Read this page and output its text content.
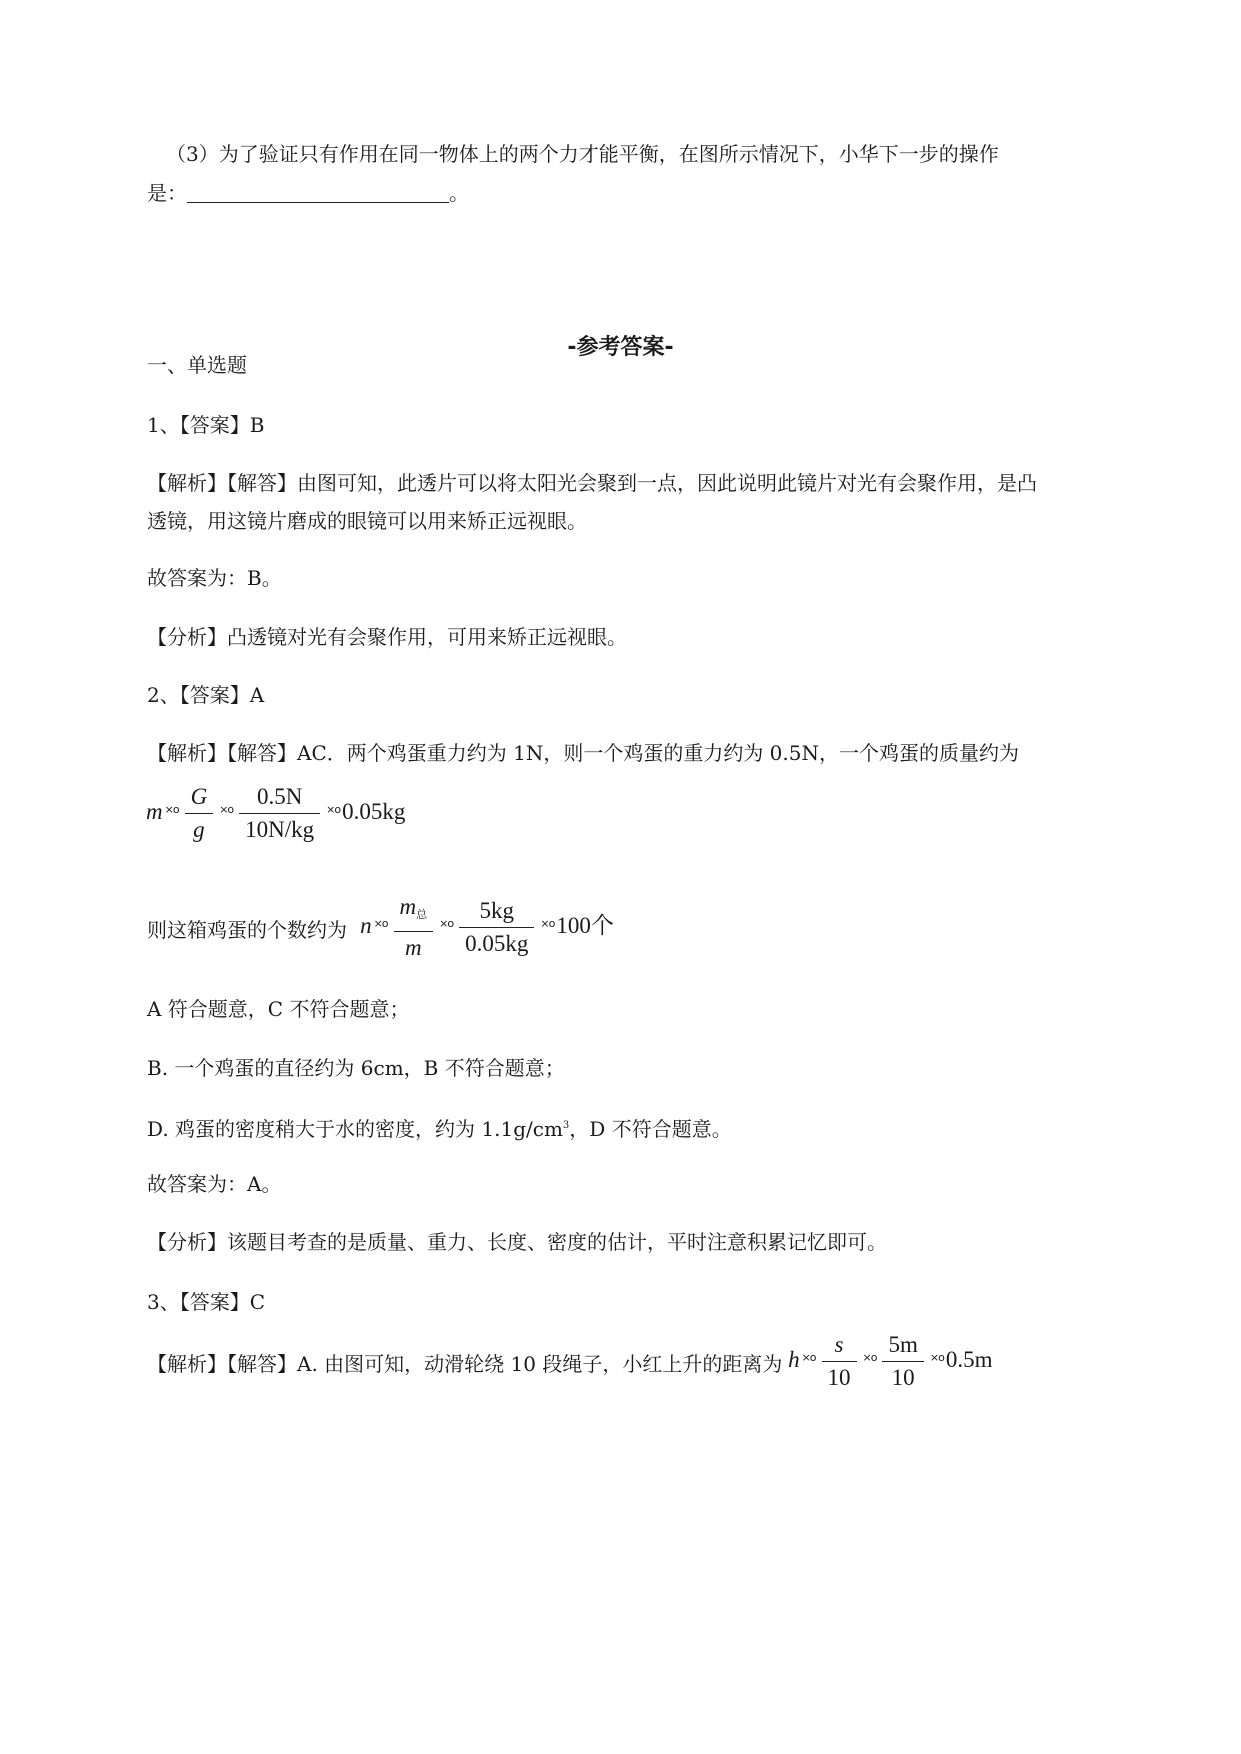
（3）为了验证只有作用在同一物体上的两个力才能平衡，在图所示情况下，小华下一步的操作
是：	。
-参考答案-
一、单选题
1、【答案】B
【解析】【解答】由图可知，此透片可以将太阳光会聚到一点，因此说明此镜片对光有会聚作用，是凸
透镜，用这镜片磨成的眼镜可以用来矫正远视眼。
故答案为：B。
【分析】凸透镜对光有会聚作用，可用来矫正远视眼。
2、【答案】A
【解析】【解答】AC．两个鸡蛋重力约为 1N，则一个鸡蛋的重力约为 0.5N，一个鸡蛋的质量约为
m $^{\times o} \frac{G}{g} ^{\times o} \frac{0.5N}{10N/kg} ^{\times o}0.05kg$
则这箱鸡蛋的个数约为 n $^{\times o} \frac{m_总}{m} ^{\times o} \frac{5kg}{0.05kg} ^{\times o}100$个
A 符合题意，C 不符合题意；
B. 一个鸡蛋的直径约为 6cm，B 不符合题意；
D. 鸡蛋的密度稍大于水的密度，约为 $1.1g/cm^3$，D 不符合题意。
故答案为：A。
【分析】该题目考查的是质量、重力、长度、密度的估计，平时注意积累记忆即可。
3、【答案】C
【解析】【解答】A. 由图可知，动滑轮绕 10 段绳子，小红上升的距离为 h $^{\times o} \frac{s}{10} ^{\times o} \frac{5m}{10} ^{\times o}0.5m$
